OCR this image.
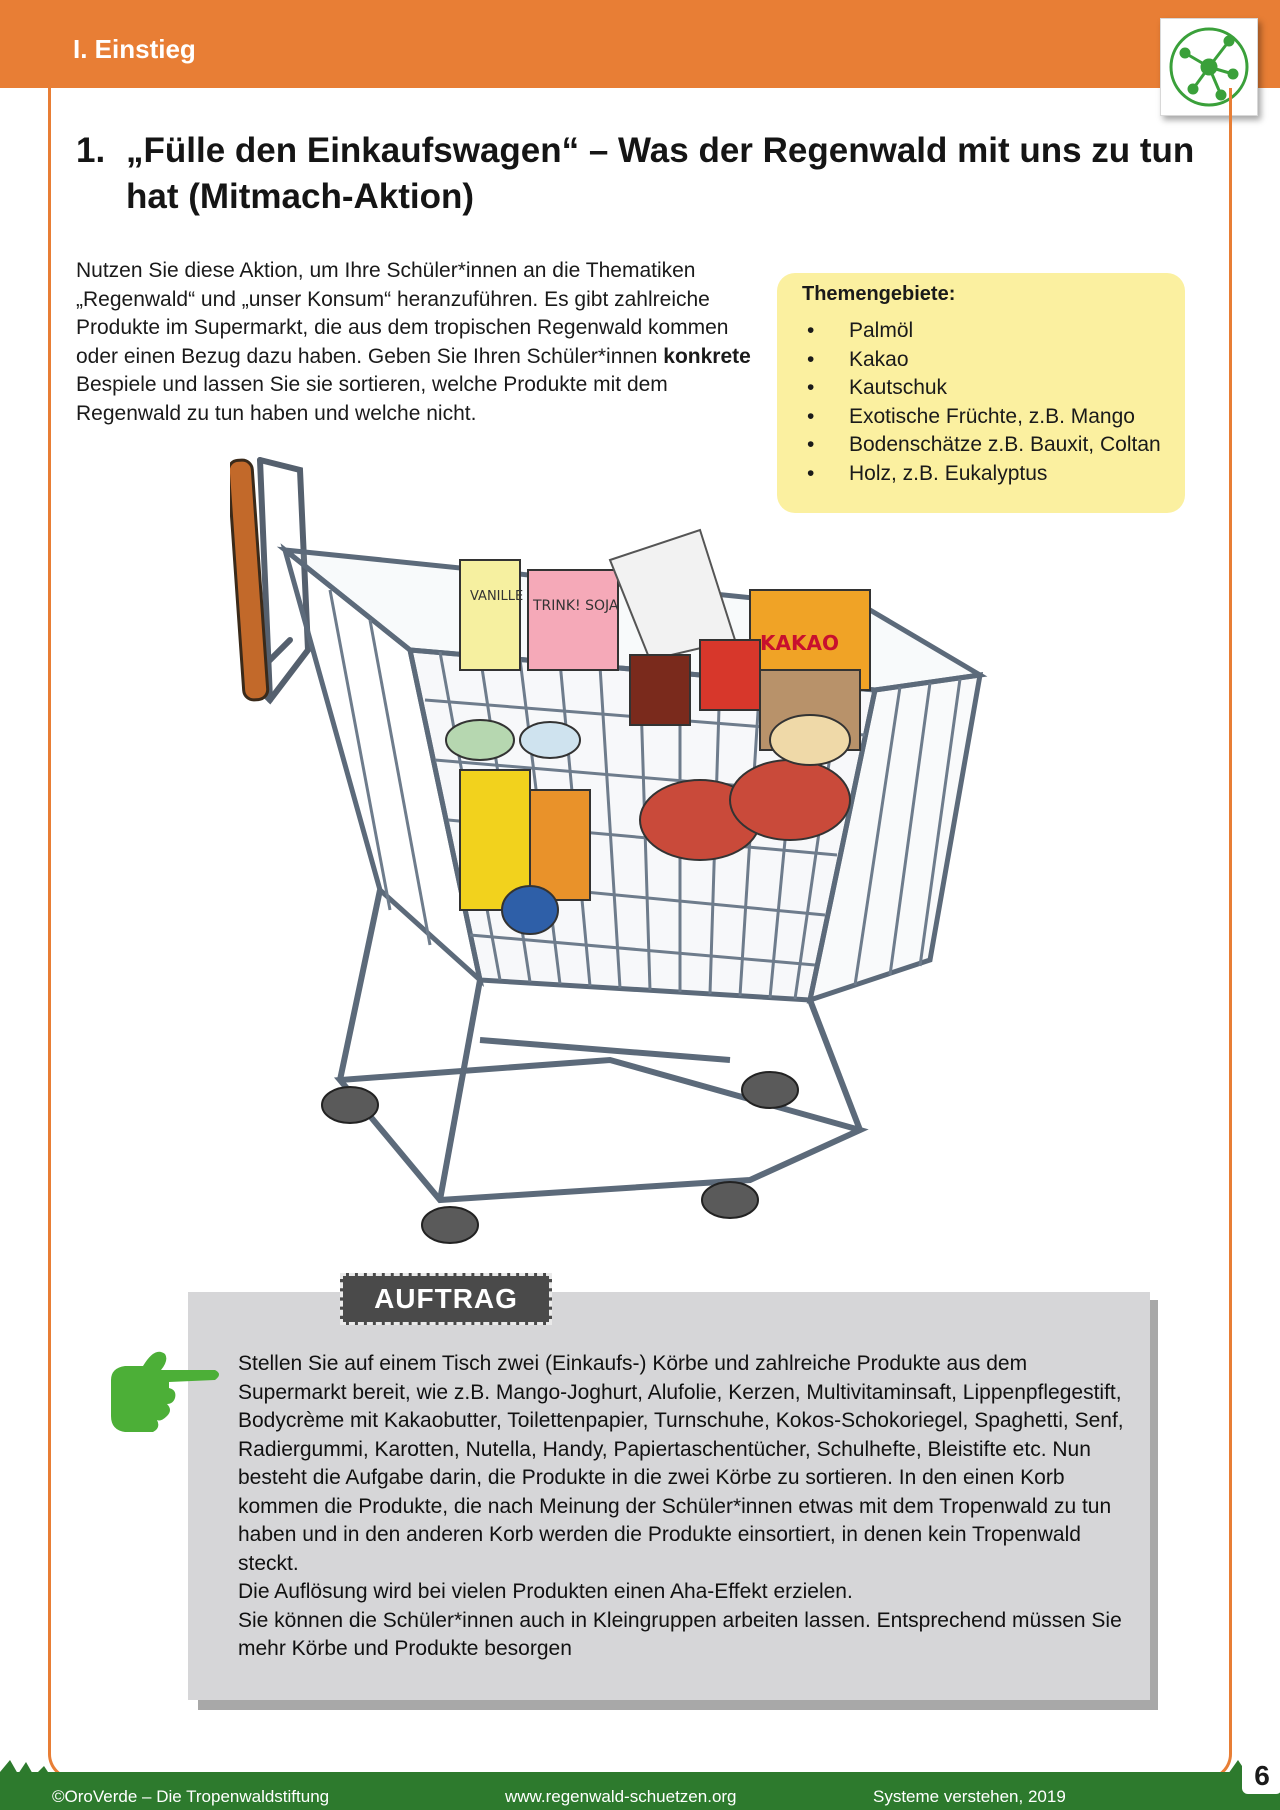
I. Einstieg
1. „Fülle den Einkaufswagen“ – Was der Regenwald mit uns zu tun
hat (Mitmach-Aktion)
Nutzen Sie diese Aktion, um Ihre Schüler*innen an die Thematiken „Regenwald“ und „unser Konsum“ heranzuführen. Es gibt zahlreiche Produkte im Supermarkt, die aus dem tropischen Regenwald kommen oder einen Bezug dazu haben. Geben Sie Ihren Schüler*innen konkrete Bespiele und lassen Sie sie sortieren, welche Produkte mit dem Regenwald zu tun haben und welche nicht.
Themengebiete:
• Palmöl
• Kakao
• Kautschuk
• Exotische Früchte, z.B. Mango
• Bodenschätze z.B. Bauxit, Coltan
• Holz, z.B. Eukalyptus
VANILLE
TRINK! SOJA
KAKAO
AUFTRAG

Stellen Sie auf einem Tisch zwei (Einkaufs-) Körbe und zahlreiche Produkte aus dem Supermarkt bereit, wie z.B. Mango-Joghurt, Alufolie, Kerzen, Multivitaminsaft, Lippenpflegestift, Bodycrème mit Kakaobutter, Toilettenpapier, Turnschuhe, Kokos-Schokoriegel, Spaghetti, Senf, Radiergummi, Karotten, Nutella, Handy, Papiertaschentücher, Schulhefte, Bleistifte etc. Nun besteht die Aufgabe darin, die Produkte in die zwei Körbe zu sortieren. In den einen Korb kommen die Produkte, die nach Meinung der Schüler*innen etwas mit dem Tropenwald zu tun haben und in den anderen Korb werden die Produkte einsortiert, in denen kein Tropenwald steckt.

Die Auflösung wird bei vielen Produkten einen Aha-Effekt erzielen.

Sie können die Schüler*innen auch in Kleingruppen arbeiten lassen. Entsprechend müssen Sie mehr Körbe und Produkte besorgen

©OroVerde – Die Tropenwaldstiftung	www.regenwald-schuetzen.org	Systeme verstehen, 2019
6
